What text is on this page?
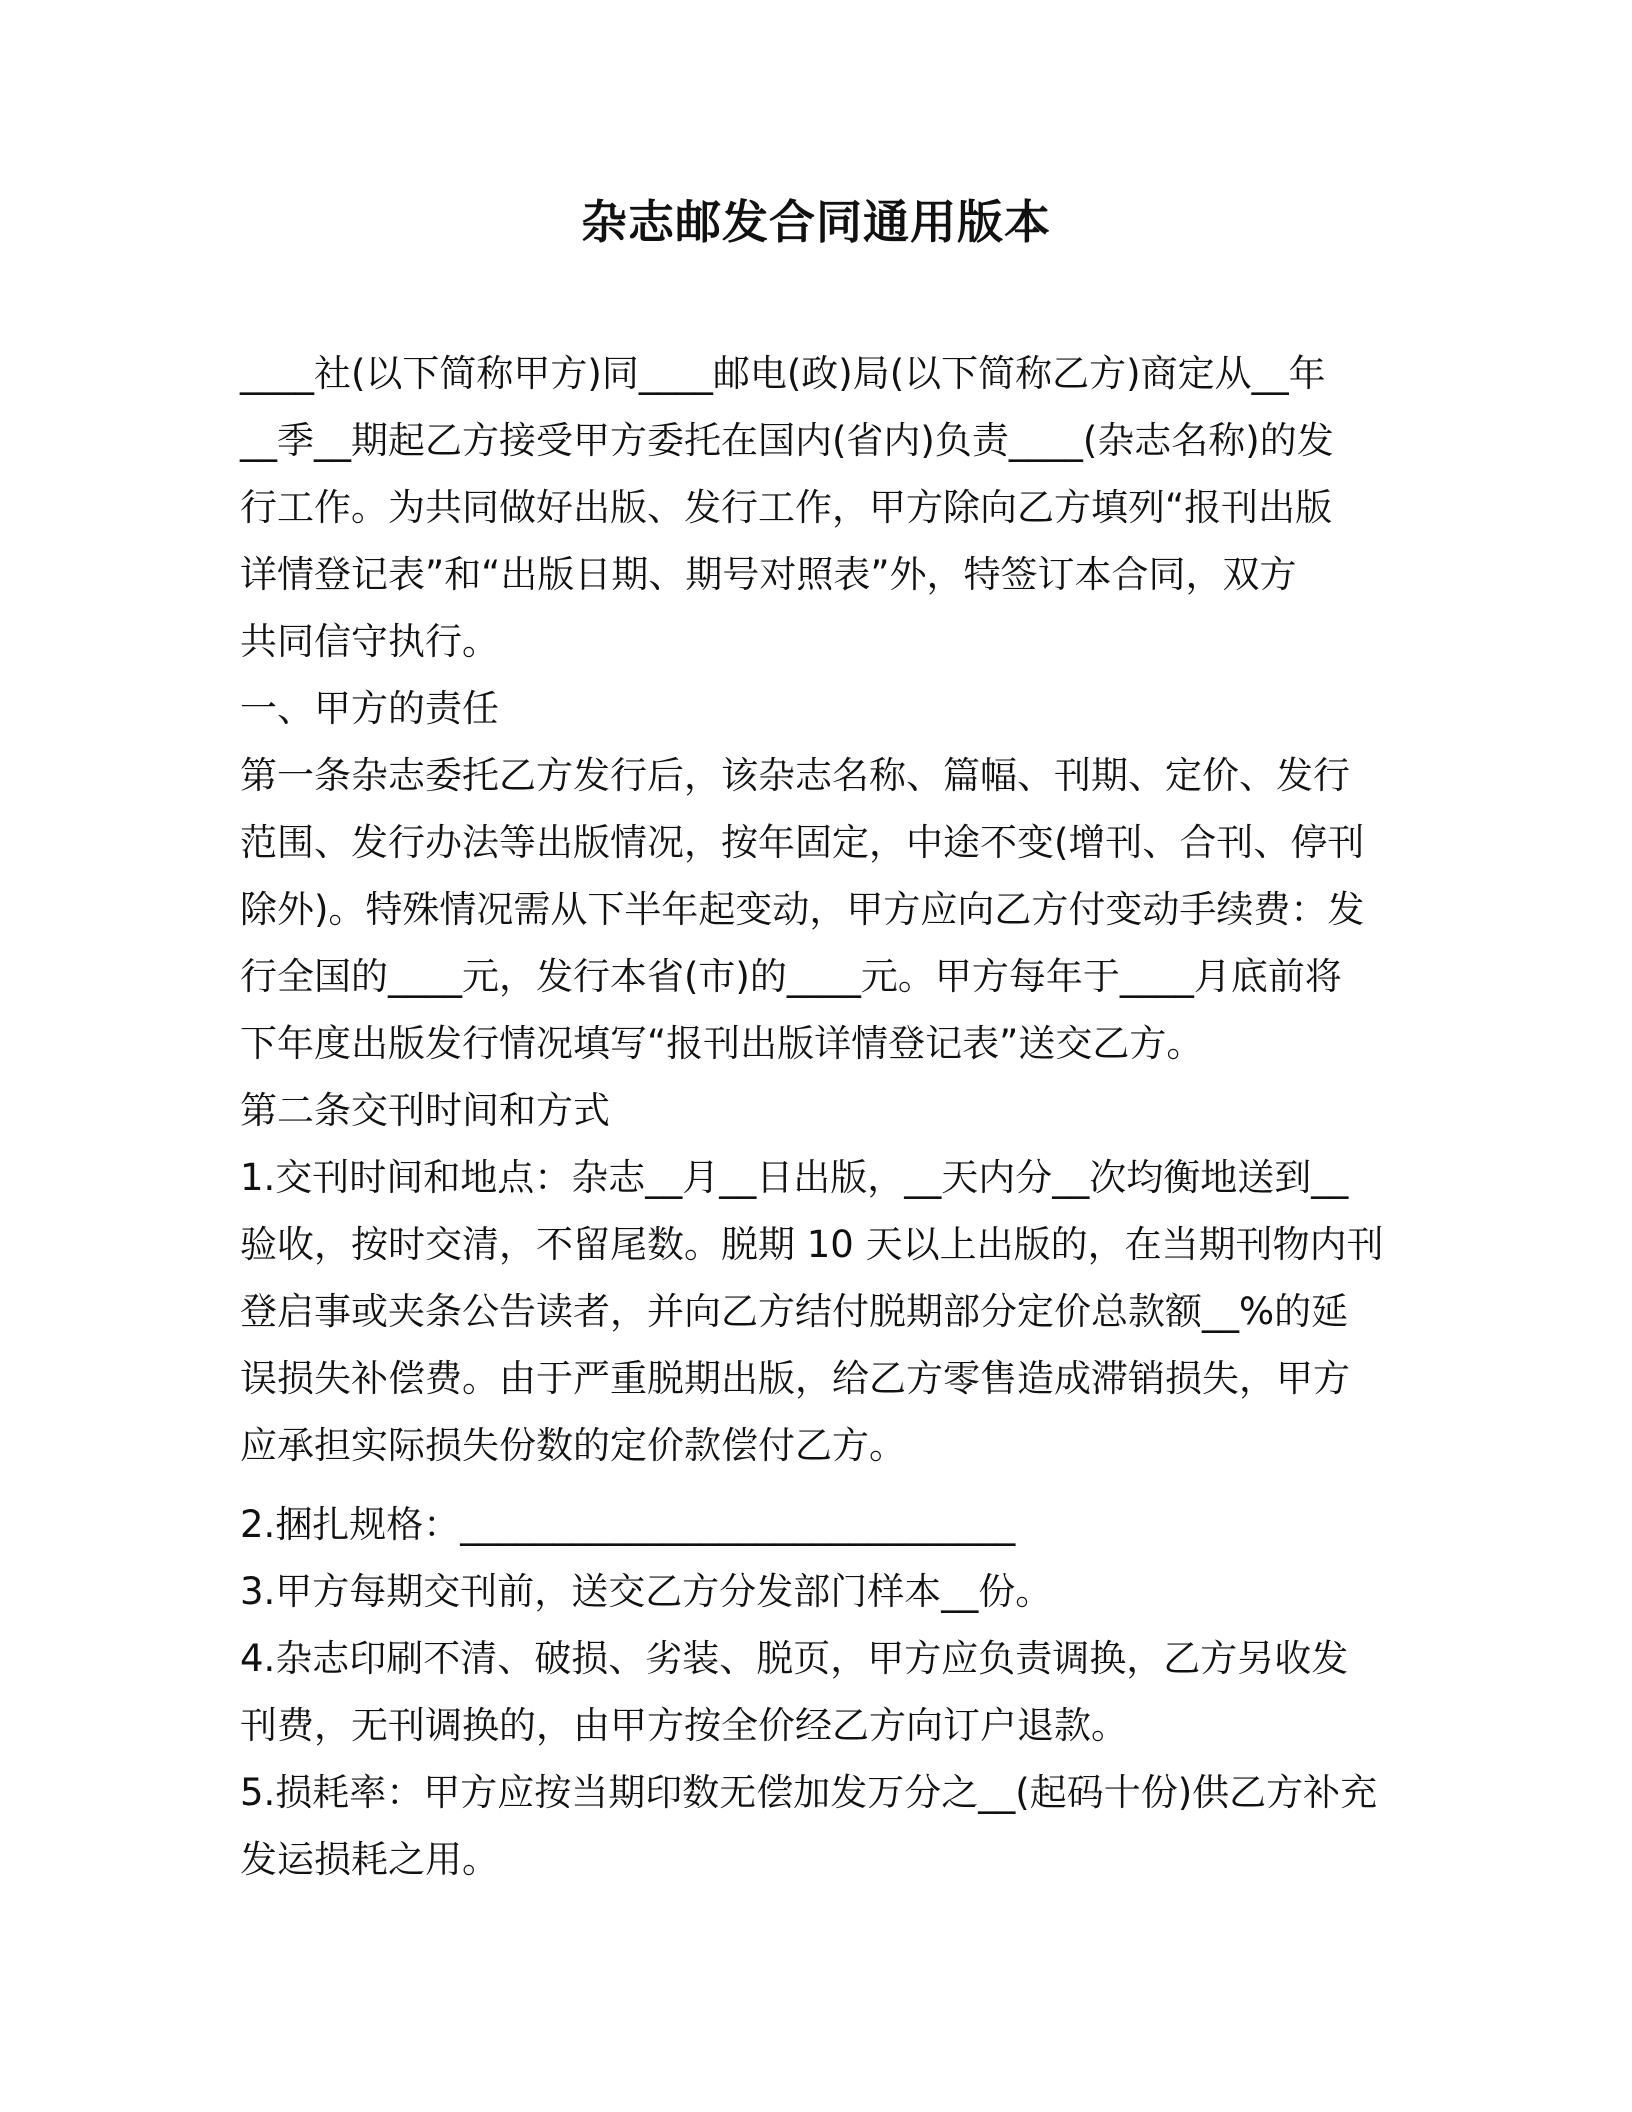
杂志邮发合同通用版本

____社(以下简称甲方)同____邮电(政)局(以下简称乙方)商定从__年

__季__期起乙方接受甲方委托在国内(省内)负责____(杂志名称)的发

行工作。为共同做好出版、发行工作，甲方除向乙方填列“报刊出版

详情登记表”和“出版日期、期号对照表”外，特签订本合同，双方

共同信守执行。

一、甲方的责任

第一条杂志委托乙方发行后，该杂志名称、篇幅、刊期、定价、发行

范围、发行办法等出版情况，按年固定，中途不变(增刊、合刊、停刊

除外)。特殊情况需从下半年起变动，甲方应向乙方付变动手续费：发

行全国的____元，发行本省(市)的____元。甲方每年于____月底前将

下年度出版发行情况填写“报刊出版详情登记表”送交乙方。

第二条交刊时间和方式

1.交刊时间和地点：杂志__月__日出版，__天内分__次均衡地送到__

验收，按时交清，不留尾数。脱期 10 天以上出版的，在当期刊物内刊

登启事或夹条公告读者，并向乙方结付脱期部分定价总款额__%的延

误损失补偿费。由于严重脱期出版，给乙方零售造成滞销损失，甲方

应承担实际损失份数的定价款偿付乙方。

2.捆扎规格：______________________________

3.甲方每期交刊前，送交乙方分发部门样本__份。

4.杂志印刷不清、破损、劣装、脱页，甲方应负责调换，乙方另收发

刊费，无刊调换的，由甲方按全价经乙方向订户退款。

5.损耗率：甲方应按当期印数无偿加发万分之__(起码十份)供乙方补充

发运损耗之用。
